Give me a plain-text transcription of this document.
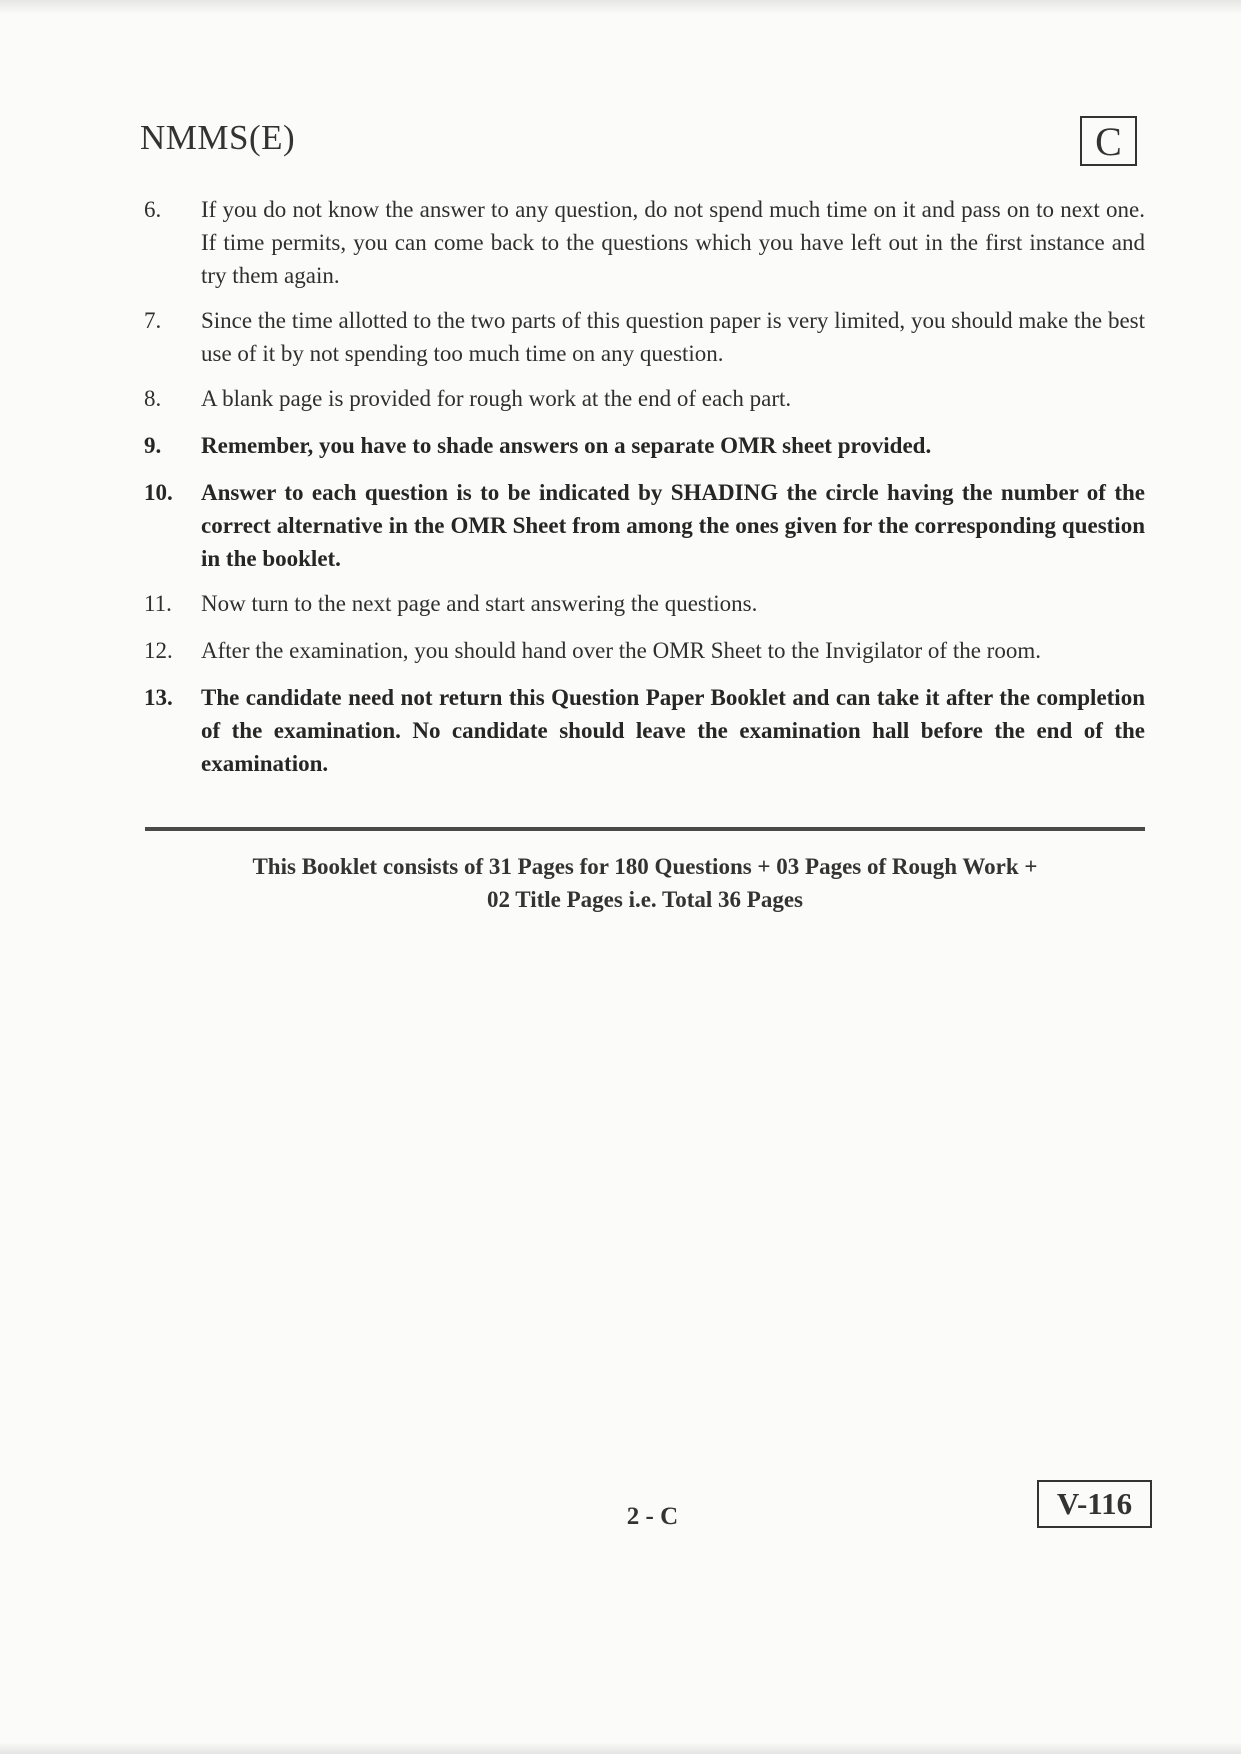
NMMS(E)	C
6.	If you do not know the answer to any question, do not spend much time on it and pass on to next one. If time permits, you can come back to the questions which you have left out in the first instance and try them again.
7.	Since the time allotted to the two parts of this question paper is very limited, you should make the best use of it by not spending too much time on any question.
8.	A blank page is provided for rough work at the end of each part.
9.	Remember, you have to shade answers on a separate OMR sheet provided.
10.	Answer to each question is to be indicated by SHADING the circle having the number of the correct alternative in the OMR Sheet from among the ones given for the corresponding question in the booklet.
11.	Now turn to the next page and start answering the questions.
12.	After the examination, you should hand over the OMR Sheet to the Invigilator of the room.
13.	The candidate need not return this Question Paper Booklet and can take it after the completion of the examination. No candidate should leave the examination hall before the end of the examination.
This Booklet consists of 31 Pages for 180 Questions + 03 Pages of Rough Work +
02 Title Pages i.e. Total 36 Pages
2 - C	V-116
